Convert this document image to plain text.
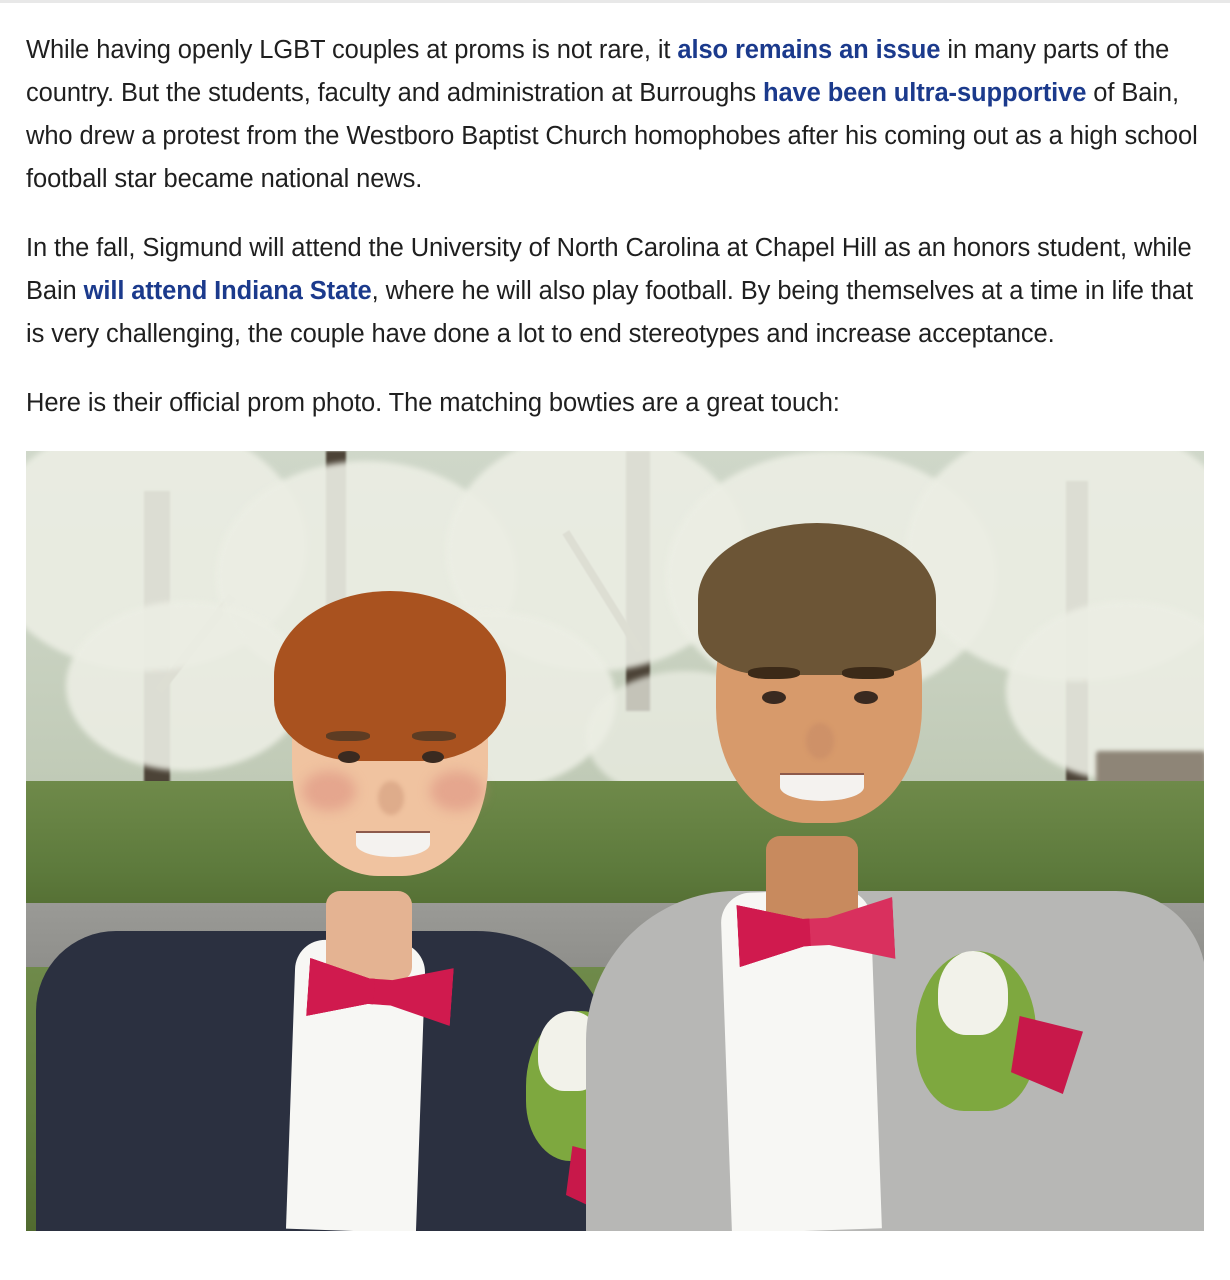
While having openly LGBT couples at proms is not rare, it also remains an issue in many parts of the country. But the students, faculty and administration at Burroughs have been ultra-supportive of Bain, who drew a protest from the Westboro Baptist Church homophobes after his coming out as a high school football star became national news.

In the fall, Sigmund will attend the University of North Carolina at Chapel Hill as an honors student, while Bain will attend Indiana State, where he will also play football. By being themselves at a time in life that is very challenging, the couple have done a lot to end stereotypes and increase acceptance.

Here is their official prom photo. The matching bowties are a great touch:
